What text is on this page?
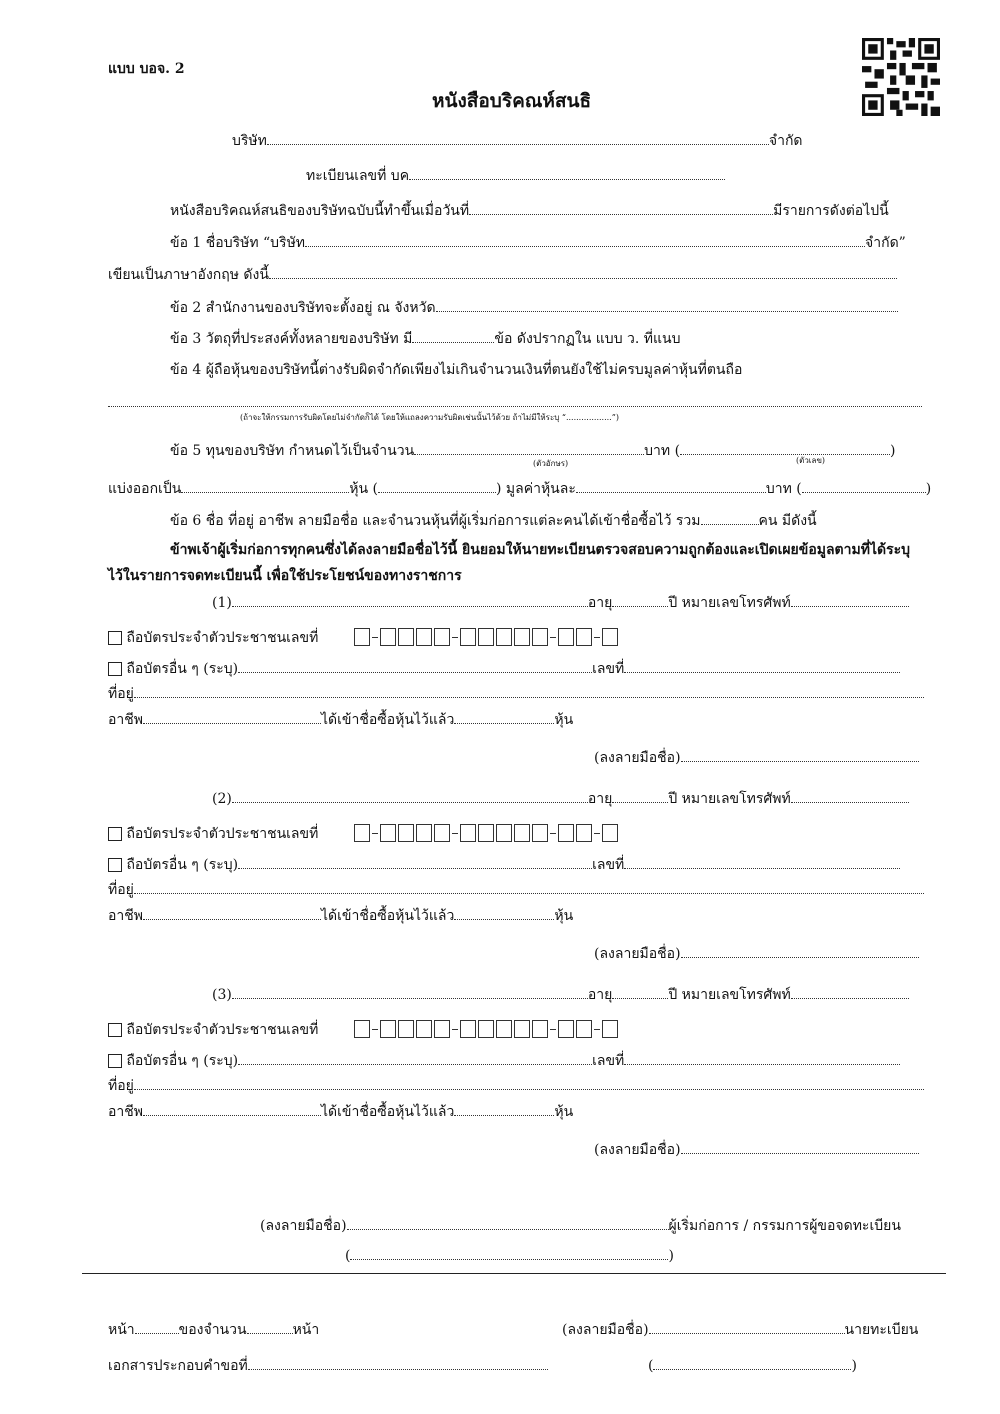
แบบ บอจ. 2
หนังสือบริคณห์สนธิ
บริษัท	จำกัด
ทะเบียนเลขที่ บค
หนังสือบริคณห์สนธิของบริษัทฉบับนี้ทำขึ้นเมื่อวันที่	มีรายการดังต่อไปนี้
ข้อ 1 ชื่อบริษัท “บริษัท	จำกัด”
เขียนเป็นภาษาอังกฤษ ดังนี้
ข้อ 2 สำนักงานของบริษัทจะตั้งอยู่ ณ จังหวัด
ข้อ 3 วัตถุที่ประสงค์ทั้งหลายของบริษัท มี	ข้อ ดังปรากฏใน แบบ ว. ที่แนบ
ข้อ 4 ผู้ถือหุ้นของบริษัทนี้ต่างรับผิดจำกัดเพียงไม่เกินจำนวนเงินที่ตนยังใช้ไม่ครบมูลค่าหุ้นที่ตนถือ
(ถ้าจะให้กรรมการรับผิดโดยไม่จำกัดก็ได้ โดยให้แถลงความรับผิดเช่นนั้นไว้ด้วย ถ้าไม่มีให้ระบุ “..................”)
ข้อ 5 ทุนของบริษัท กำหนดไว้เป็นจำนวน	บาท (	)
(ตัวอักษร)	(ตัวเลข)
แบ่งออกเป็น	หุ้น (	) มูลค่าหุ้นละ	บาท (	)
ข้อ 6 ชื่อ ที่อยู่ อาชีพ ลายมือชื่อ และจำนวนหุ้นที่ผู้เริ่มก่อการแต่ละคนได้เข้าชื่อซื้อไว้ รวม	คน มีดังนี้
ข้าพเจ้าผู้เริ่มก่อการทุกคนซึ่งได้ลงลายมือชื่อไว้นี้ ยินยอมให้นายทะเบียนตรวจสอบความถูกต้องและเปิดเผยข้อมูลตามที่ได้ระบุ
ไว้ในรายการจดทะเบียนนี้ เพื่อใช้ประโยชน์ของทางราชการ
(1)	อายุ	ปี หมายเลขโทรศัพท์
ถือบัตรประจำตัวประชาชนเลขที่
ถือบัตรอื่น ๆ (ระบุ)	เลขที่
ที่อยู่
อาชีพ	ได้เข้าชื่อซื้อหุ้นไว้แล้ว	หุ้น
(ลงลายมือชื่อ)
(2)	อายุ	ปี หมายเลขโทรศัพท์
ถือบัตรประจำตัวประชาชนเลขที่
ถือบัตรอื่น ๆ (ระบุ)	เลขที่
ที่อยู่
อาชีพ	ได้เข้าชื่อซื้อหุ้นไว้แล้ว	หุ้น
(ลงลายมือชื่อ)
(3)	อายุ	ปี หมายเลขโทรศัพท์
ถือบัตรประจำตัวประชาชนเลขที่
ถือบัตรอื่น ๆ (ระบุ)	เลขที่
ที่อยู่
อาชีพ	ได้เข้าชื่อซื้อหุ้นไว้แล้ว	หุ้น
(ลงลายมือชื่อ)
(ลงลายมือชื่อ)	ผู้เริ่มก่อการ / กรรมการผู้ขอจดทะเบียน
(	)
หน้า	ของจำนวน	หน้า	(ลงลายมือชื่อ)	นายทะเบียน
เอกสารประกอบคำขอที่	(	)
